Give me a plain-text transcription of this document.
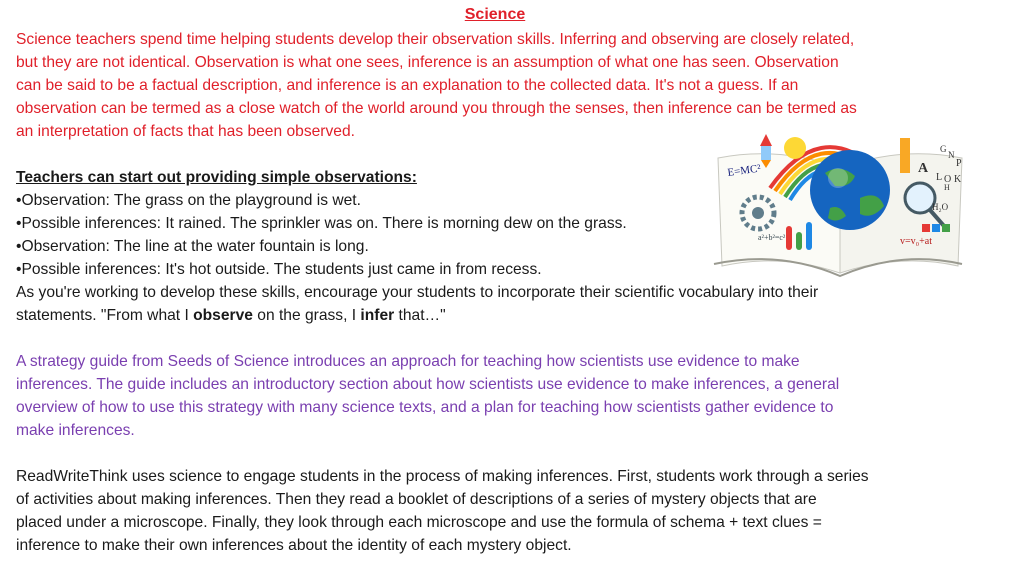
Science
Science teachers spend time helping students develop their observation skills. Inferring and observing are closely related,
but they are not identical. Observation is what one sees, inference is an assumption of what one has seen. Observation
can be said to be a factual description, and inference is an explanation to the collected data. It's not a guess. If an
observation can be termed as a close watch of the world around you through the senses, then inference can be termed as
an interpretation of facts that has been observed.
Teachers can start out providing simple observations:
•Observation: The grass on the playground is wet.
•Possible inferences: It rained. The sprinkler was on. There is morning dew on the grass.
•Observation: The line at the water fountain is long.
•Possible inferences: It's hot outside. The students just came in from recess.
As you're working to develop these skills, encourage your students to incorporate their scientific vocabulary into their
statements. "From what I observe on the grass, I infer that…"
A strategy guide from Seeds of Science introduces an approach for teaching how scientists use evidence to make
inferences. The guide includes an introductory section about how scientists use evidence to make inferences, a general
overview of how to use this strategy with many science texts, and a plan for teaching how scientists gather evidence to
make inferences.
ReadWriteThink uses science to engage students in the process of making inferences. First, students work through a series
of activities about making inferences. Then they read a booklet of descriptions of a series of mystery objects that are
placed under a microscope. Finally, they look through each microscope and use the formula of schema + text clues =
inference to make their own inferences about the identity of each mystery object.
E=MC²
a²+b²=c²	v=v₀+at
H₂O
G
N
P
A
L O K
H
